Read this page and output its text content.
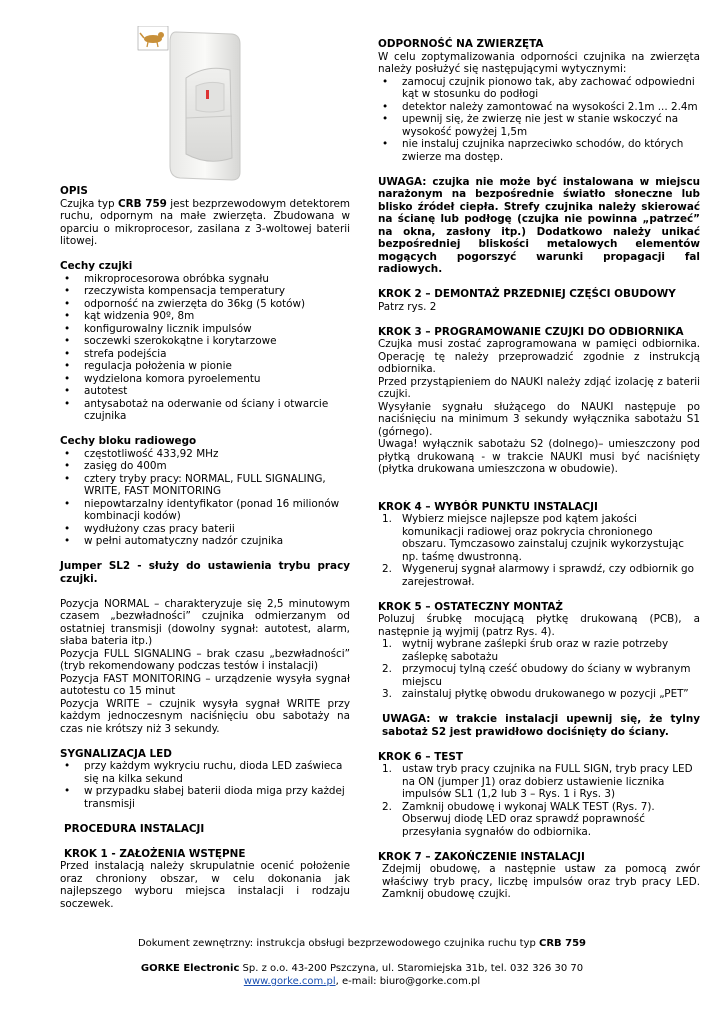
OPIS

Czujka typ CRB 759 jest bezprzewodowym detektorem ruchu, odpornym na małe zwierzęta. Zbudowana w oparciu o mikroprocesor, zasilana z 3-woltowej baterii litowej.

Cechy czujki

• mikroprocesorowa obróbka sygnału
• rzeczywista kompensacja temperatury
• odporność na zwierzęta do 36kg (5 kotów)
• kąt widzenia 90º, 8m
• konfigurowalny licznik impulsów
• soczewki szerokokątne i korytarzowe
• strefa podejścia
• regulacja położenia w pionie
• wydzielona komora pyroelementu
• autotest
• antysabotaż na oderwanie od ściany i otwarcie czujnika

Cechy bloku radiowego

• częstotliwość 433,92 MHz
• zasięg do 400m
• cztery tryby pracy: NORMAL, FULL SIGNALING, WRITE, FAST MONITORING
• niepowtarzalny identyfikator (ponad 16 milionów kombinacji kodów)
• wydłużony czas pracy baterii
• w pełni automatyczny nadzór czujnika

Jumper SL2 - służy do ustawienia trybu pracy czujki.

Pozycja NORMAL – charakteryzuje się 2,5 minutowym czasem „bezwładności” czujnika odmierzanym od ostatniej transmisji (dowolny sygnał: autotest, alarm, słaba bateria itp.)

Pozycja FULL SIGNALING – brak czasu „bezwładności” (tryb rekomendowany podczas testów i instalacji)

Pozycja FAST MONITORING – urządzenie wysyła sygnał autotestu co 15 minut

Pozycja WRITE – czujnik wysyła sygnał WRITE przy każdym jednoczesnym naciśnięciu obu sabotaży na czas nie krótszy niż 3 sekundy.

SYGNALIZACJA LED

• przy każdym wykryciu ruchu, dioda LED zaświeca się na kilka sekund
• w przypadku słabej baterii dioda miga przy każdej transmisji

PROCEDURA INSTALACJI

KROK 1 - ZAŁOŻENIA WSTĘPNE

Przed instalacją należy skrupulatnie ocenić położenie oraz chroniony obszar, w celu dokonania jak najlepszego wyboru miejsca instalacji i rodzaju soczewek.

ODPORNOŚĆ NA ZWIERZĘTA

W celu zoptymalizowania odporności czujnika na zwierzęta należy posłużyć się następującymi wytycznymi:

• zamocuj czujnik pionowo tak, aby zachować odpowiedni kąt w stosunku do podłogi
• detektor należy zamontować na wysokości 2.1m ... 2.4m
• upewnij się, że zwierzę nie jest w stanie wskoczyć na wysokość powyżej 1,5m
• nie instaluj czujnika naprzeciwko schodów, do których zwierze ma dostęp.

UWAGA: czujka nie może być instalowana w miejscu narażonym na bezpośrednie światło słoneczne lub blisko źródeł ciepła. Strefy czujnika należy skierować na ścianę lub podłogę (czujka nie powinna „patrzeć” na okna, zasłony itp.) Dodatkowo należy unikać bezpośredniej bliskości metalowych elementów mogących pogorszyć warunki propagacji fal radiowych.

KROK 2 – DEMONTAŻ PRZEDNIEJ CZĘŚCI OBUDOWY

Patrz rys. 2

KROK 3 – PROGRAMOWANIE CZUJKI DO ODBIORNIKA

Czujka musi zostać zaprogramowana w pamięci odbiornika. Operację tę należy przeprowadzić zgodnie z instrukcją odbiornika.

Przed przystąpieniem do NAUKI należy zdjąć izolację z baterii czujki.

Wysyłanie sygnału służącego do NAUKI następuje po naciśnięciu na minimum 3 sekundy wyłącznika sabotażu S1 (górnego).

Uwaga! wyłącznik sabotażu S2 (dolnego)– umieszczony pod płytką drukowaną - w trakcie NAUKI musi być naciśnięty (płytka drukowana umieszczona w obudowie).

KROK 4 – WYBÓR PUNKTU INSTALACJI

1. Wybierz miejsce najlepsze pod kątem jakości komunikacji radiowej oraz pokrycia chronionego obszaru. Tymczasowo zainstaluj czujnik wykorzystując np. taśmę dwustronną.
2. Wygeneruj sygnał alarmowy i sprawdź, czy odbiornik go zarejestrował.

KROK 5 – OSTATECZNY MONTAŻ

Poluzuj śrubkę mocującą płytkę drukowaną (PCB), a następnie ją wyjmij (patrz Rys. 4).

1. wytnij wybrane zaślepki śrub oraz w razie potrzeby zaślepkę sabotażu
2. przymocuj tylną cześć obudowy do ściany w wybranym miejscu
3. zainstaluj płytkę obwodu drukowanego w pozycji „PET”

UWAGA: w trakcie instalacji upewnij się, że tylny sabotaż S2 jest prawidłowo dociśnięty do ściany.

KROK 6 – TEST

1. ustaw tryb pracy czujnika na FULL SIGN, tryb pracy LED na ON (jumper J1) oraz dobierz ustawienie licznika impulsów SL1 (1,2 lub 3 – Rys. 1 i Rys. 3)
2. Zamknij obudowę i wykonaj WALK TEST (Rys. 7). Obserwuj diodę LED oraz sprawdź poprawność przesyłania sygnałów do odbiornika.

KROK 7 – ZAKOŃCZENIE INSTALACJI

Zdejmij obudowę, a następnie ustaw za pomocą zwór właściwy tryb pracy, liczbę impulsów oraz tryb pracy LED. Zamknij obudowę czujki.

Dokument zewnętrzny: instrukcja obsługi bezprzewodowego czujnika ruchu typ CRB 759
GORKE Electronic Sp. z o.o. 43-200 Pszczyna, ul. Staromiejska 31b, tel. 032 326 30 70
www.gorke.com.pl, e-mail: biuro@gorke.com.pl
